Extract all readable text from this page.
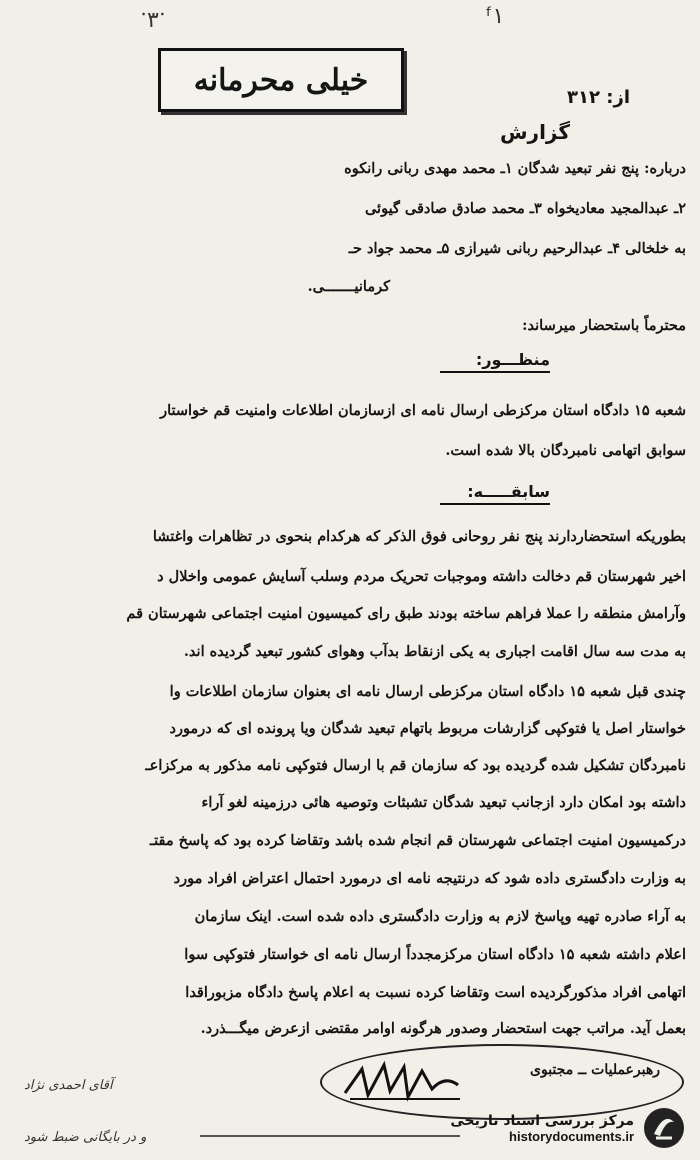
ॱ۳ॱ	ᶠ۱
خیلی محرمانه	از: ۳۱۲
گزارش
درباره: پنج نفر تبعید شدگان ۱ـ محمد مهدی ربانی رانکوه
۲ـ عبدالمجید معادیخواه ۳ـ محمد صادق صادقی گیوئی
به خلخالی ۴ـ عبدالرحیم ربانی شیرازی ۵ـ محمد جواد حـ
کرمانیـــــــی.
محترماً باستحضار میرساند:
منظـــور:
شعبه ۱۵ دادگاه استان مرکزطی ارسال نامه ای ازسازمان اطلاعات وامنیت قم خواستار
سوابق اتهامی نامبردگان بالا شده است.
سابقـــــه:
بطوریکه استحضاردارند پنج نفر روحانی فوق الذکر که هرکدام بنحوی در تظاهرات واغتشا
اخیر شهرستان قم دخالت داشته وموجبات تحریک مردم وسلب آسایش عمومی واخلال د
وآرامش منطقه را عملا فراهم ساخته بودند طبق رای کمیسیون امنیت اجتماعی شهرستان قم
به مدت سه سال اقامت اجباری به یکی ازنقاط بدآب وهوای کشور تبعید گردیده اند.
چندی قبل شعبه ۱۵ دادگاه استان مرکزطی ارسال نامه ای بعنوان سازمان اطلاعات وا
خواستار اصل یا فتوکپی گزارشات مربوط باتهام تبعید شدگان ویا پرونده ای که درمورد
نامبردگان تشکیل شده گردیده بود که سازمان قم با ارسال فتوکپی نامه مذکور به مرکزاعـ
داشته بود امکان دارد ازجانب تبعید شدگان تشبثات وتوصیه هائی درزمینه لغو آراء
درکمیسیون امنیت اجتماعی شهرستان قم انجام شده باشد وتقاضا کرده بود که پاسخ مقتـ
به وزارت دادگستری داده شود که درنتیجه نامه ای درمورد احتمال اعتراض افراد مورد
به آراء صادره تهیه وپاسخ لازم به وزارت دادگستری داده شده است. اینک سازمان
اعلام داشته شعبه ۱۵ دادگاه استان مرکزمجدداً ارسال نامه ای خواستار فتوکپی سوا
اتهامی افراد مذکورگردیده است وتقاضا کرده نسبت به اعلام پاسخ دادگاه مزبوراقدا
بعمل آید. مراتب جهت استحضار وصدور هرگونه اوامر مقتضی ازعرض میگـــذرد.
رهبرعملیات ــ مجتبوی
آقای احمدی نژاد
و در بایگانی ضبط شود
مرکز بررسی اسناد تاریخی
historydocuments.ir
